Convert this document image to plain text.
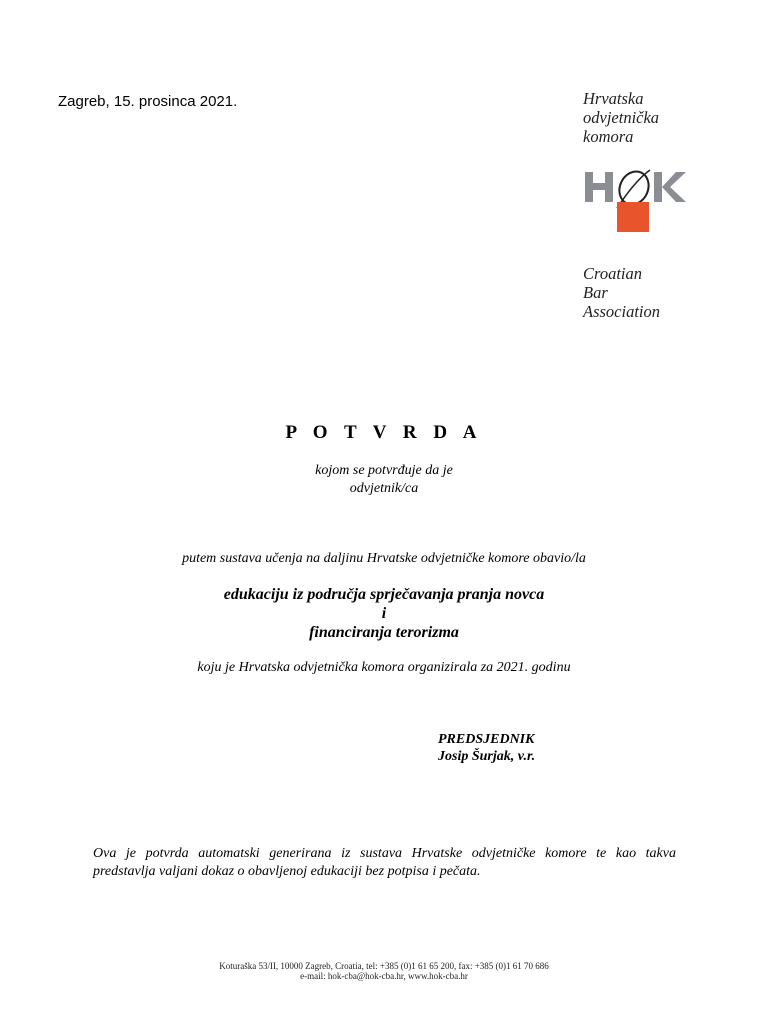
Zagreb, 15. prosinca 2021.	Hrvatska
odvjetnička
komora
Croatian
Bar
Association
P O T V R D A
kojom se potvrđuje da je
odvjetnik/ca
putem sustava učenja na daljinu Hrvatske odvjetničke komore obavio/la
edukaciju iz područja sprječavanja pranja novca
i
financiranja terorizma
koju je Hrvatska odvjetnička komora organizirala za 2021. godinu
PREDSJEDNIK
Josip Šurjak, v.r.
Ova je potvrda automatski generirana iz sustava Hrvatske odvjetničke komore te kao takva
predstavlja valjani dokaz o obavljenoj edukaciji bez potpisa i pečata.
Koturaška 53/II, 10000 Zagreb, Croatia, tel: +385 (0)1 61 65 200, fax: +385 (0)1 61 70 686
e-mail: hok-cba@hok-cba.hr, www.hok-cba.hr
